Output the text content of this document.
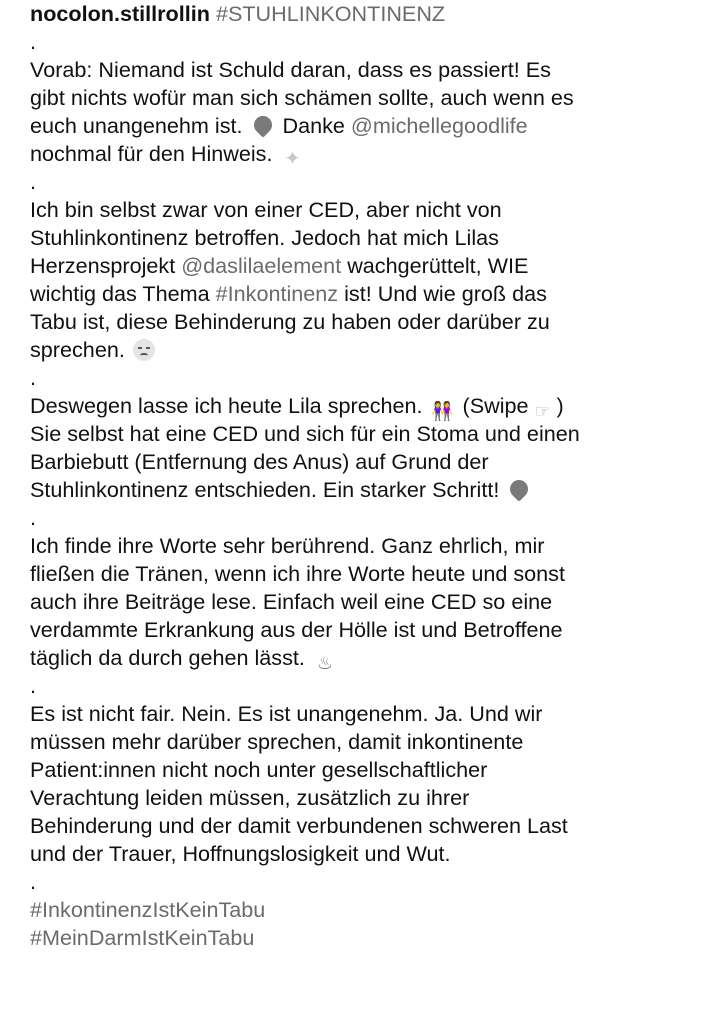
nocolon.stillrollin #STUHLINKONTINENZ
.
Vorab: Niemand ist Schuld daran, dass es passiert! Es
gibt nichts wofür man sich schämen sollte, auch wenn es
euch unangenehm ist. Danke @michellegoodlife
nochmal für den Hinweis. ✦
.
Ich bin selbst zwar von einer CED, aber nicht von
Stuhlinkontinenz betroffen. Jedoch hat mich Lilas
Herzensprojekt @daslilaelement wachgerüttelt, WIE
wichtig das Thema #Inkontinenz ist! Und wie groß das
Tabu ist, diese Behinderung zu haben oder darüber zu
sprechen.
.
Deswegen lasse ich heute Lila sprechen. 👭 (Swipe ☞ )
Sie selbst hat eine CED und sich für ein Stoma und einen
Barbiebutt (Entfernung des Anus) auf Grund der
Stuhlinkontinenz entschieden. Ein starker Schritt!
.
Ich finde ihre Worte sehr berührend. Ganz ehrlich, mir
fließen die Tränen, wenn ich ihre Worte heute und sonst
auch ihre Beiträge lese. Einfach weil eine CED so eine
verdammte Erkrankung aus der Hölle ist und Betroffene
täglich da durch gehen lässt. ♨
.
Es ist nicht fair. Nein. Es ist unangenehm. Ja. Und wir
müssen mehr darüber sprechen, damit inkontinente
Patient:innen nicht noch unter gesellschaftlicher
Verachtung leiden müssen, zusätzlich zu ihrer
Behinderung und der damit verbundenen schweren Last
und der Trauer, Hoffnungslosigkeit und Wut.
.
#InkontinenzIstKeinTabu
#MeinDarmIstKeinTabu
